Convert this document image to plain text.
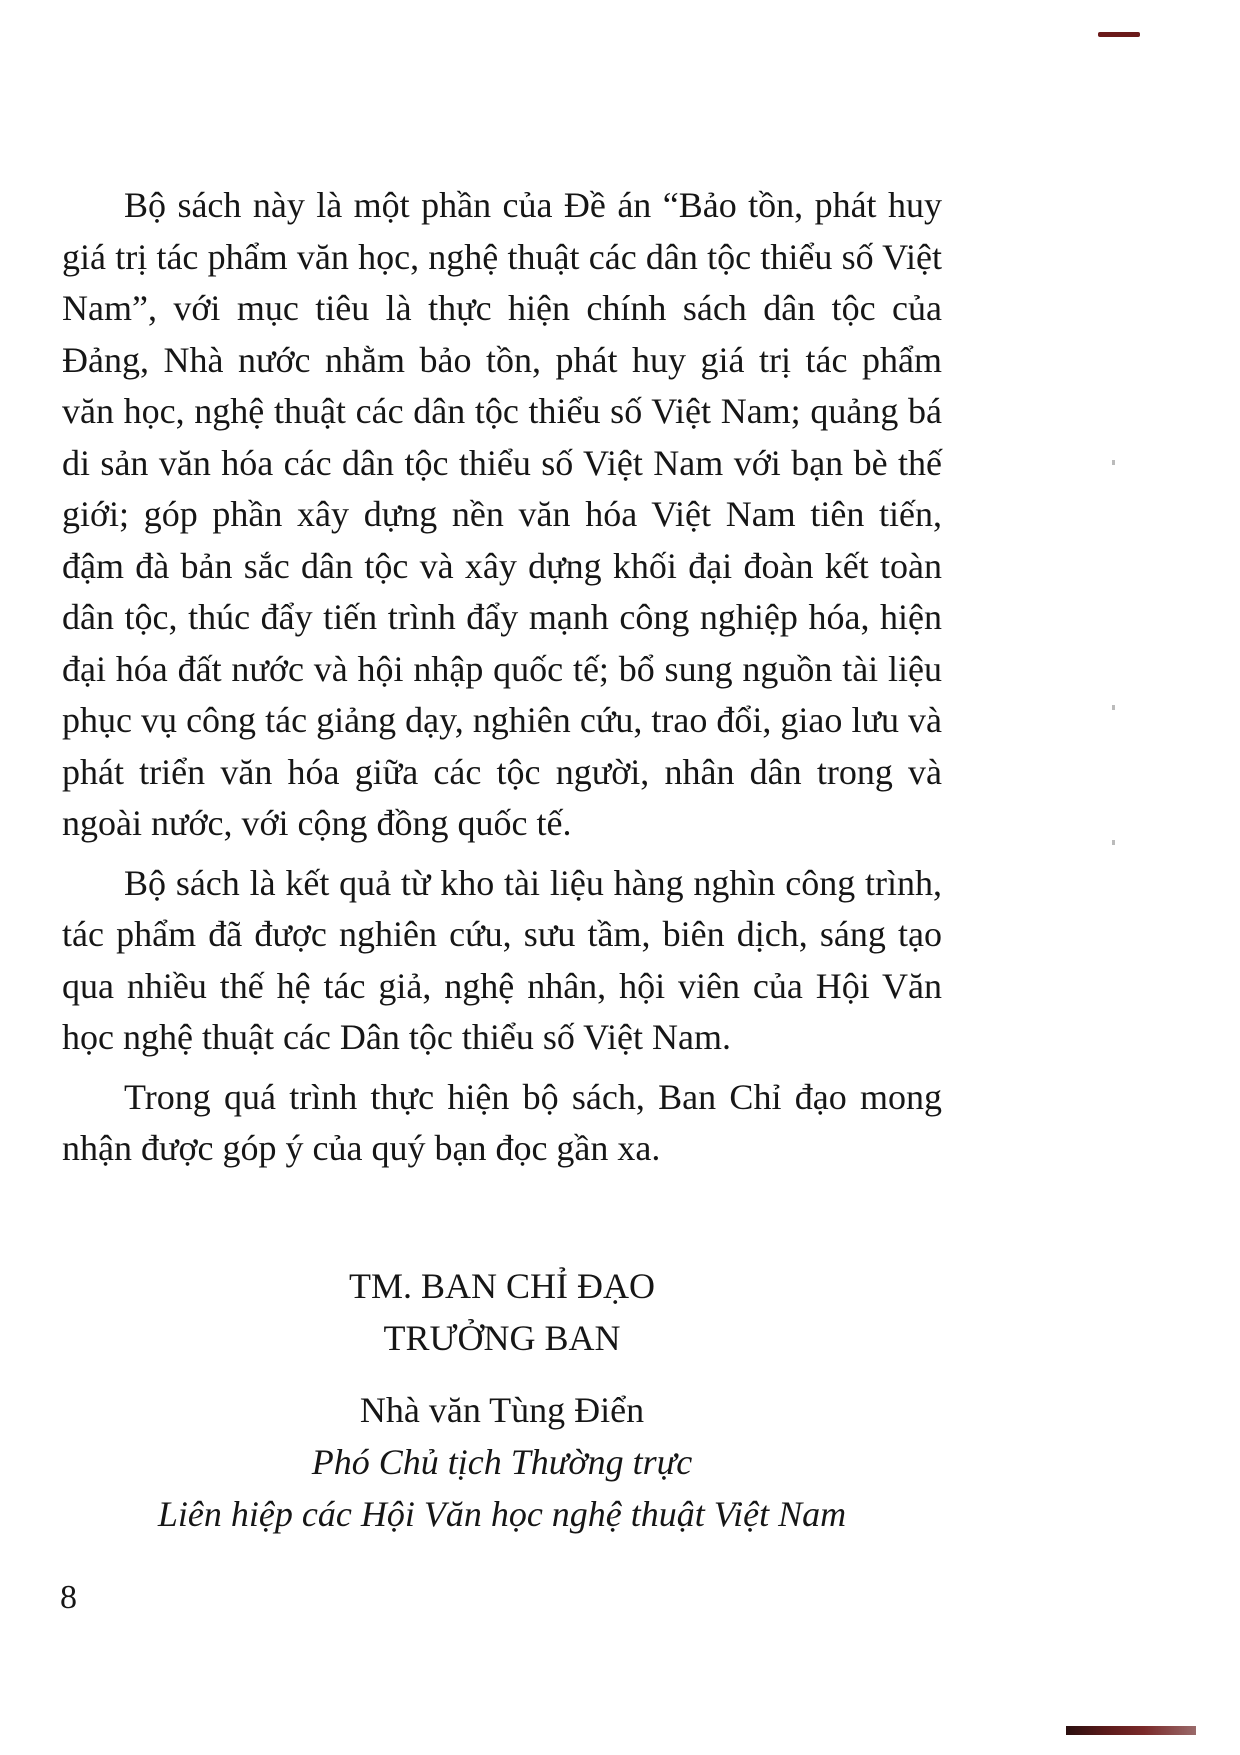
Bộ sách này là một phần của Đề án “Bảo tồn, phát huy giá trị tác phẩm văn học, nghệ thuật các dân tộc thiểu số Việt Nam”, với mục tiêu là thực hiện chính sách dân tộc của Đảng, Nhà nước nhằm bảo tồn, phát huy giá trị tác phẩm văn học, nghệ thuật các dân tộc thiểu số Việt Nam; quảng bá di sản văn hóa các dân tộc thiểu số Việt Nam với bạn bè thế giới; góp phần xây dựng nền văn hóa Việt Nam tiên tiến, đậm đà bản sắc dân tộc và xây dựng khối đại đoàn kết toàn dân tộc, thúc đẩy tiến trình đẩy mạnh công nghiệp hóa, hiện đại hóa đất nước và hội nhập quốc tế; bổ sung nguồn tài liệu phục vụ công tác giảng dạy, nghiên cứu, trao đổi, giao lưu và phát triển văn hóa giữa các tộc người, nhân dân trong và ngoài nước, với cộng đồng quốc tế.

Bộ sách là kết quả từ kho tài liệu hàng nghìn công trình, tác phẩm đã được nghiên cứu, sưu tầm, biên dịch, sáng tạo qua nhiều thế hệ tác giả, nghệ nhân, hội viên của Hội Văn học nghệ thuật các Dân tộc thiểu số Việt Nam.

Trong quá trình thực hiện bộ sách, Ban Chỉ đạo mong nhận được góp ý của quý bạn đọc gần xa.

TM. BAN CHỈ ĐẠO
TRƯỞNG BAN
Nhà văn Tùng Điển
Phó Chủ tịch Thường trực
Liên hiệp các Hội Văn học nghệ thuật Việt Nam
8
